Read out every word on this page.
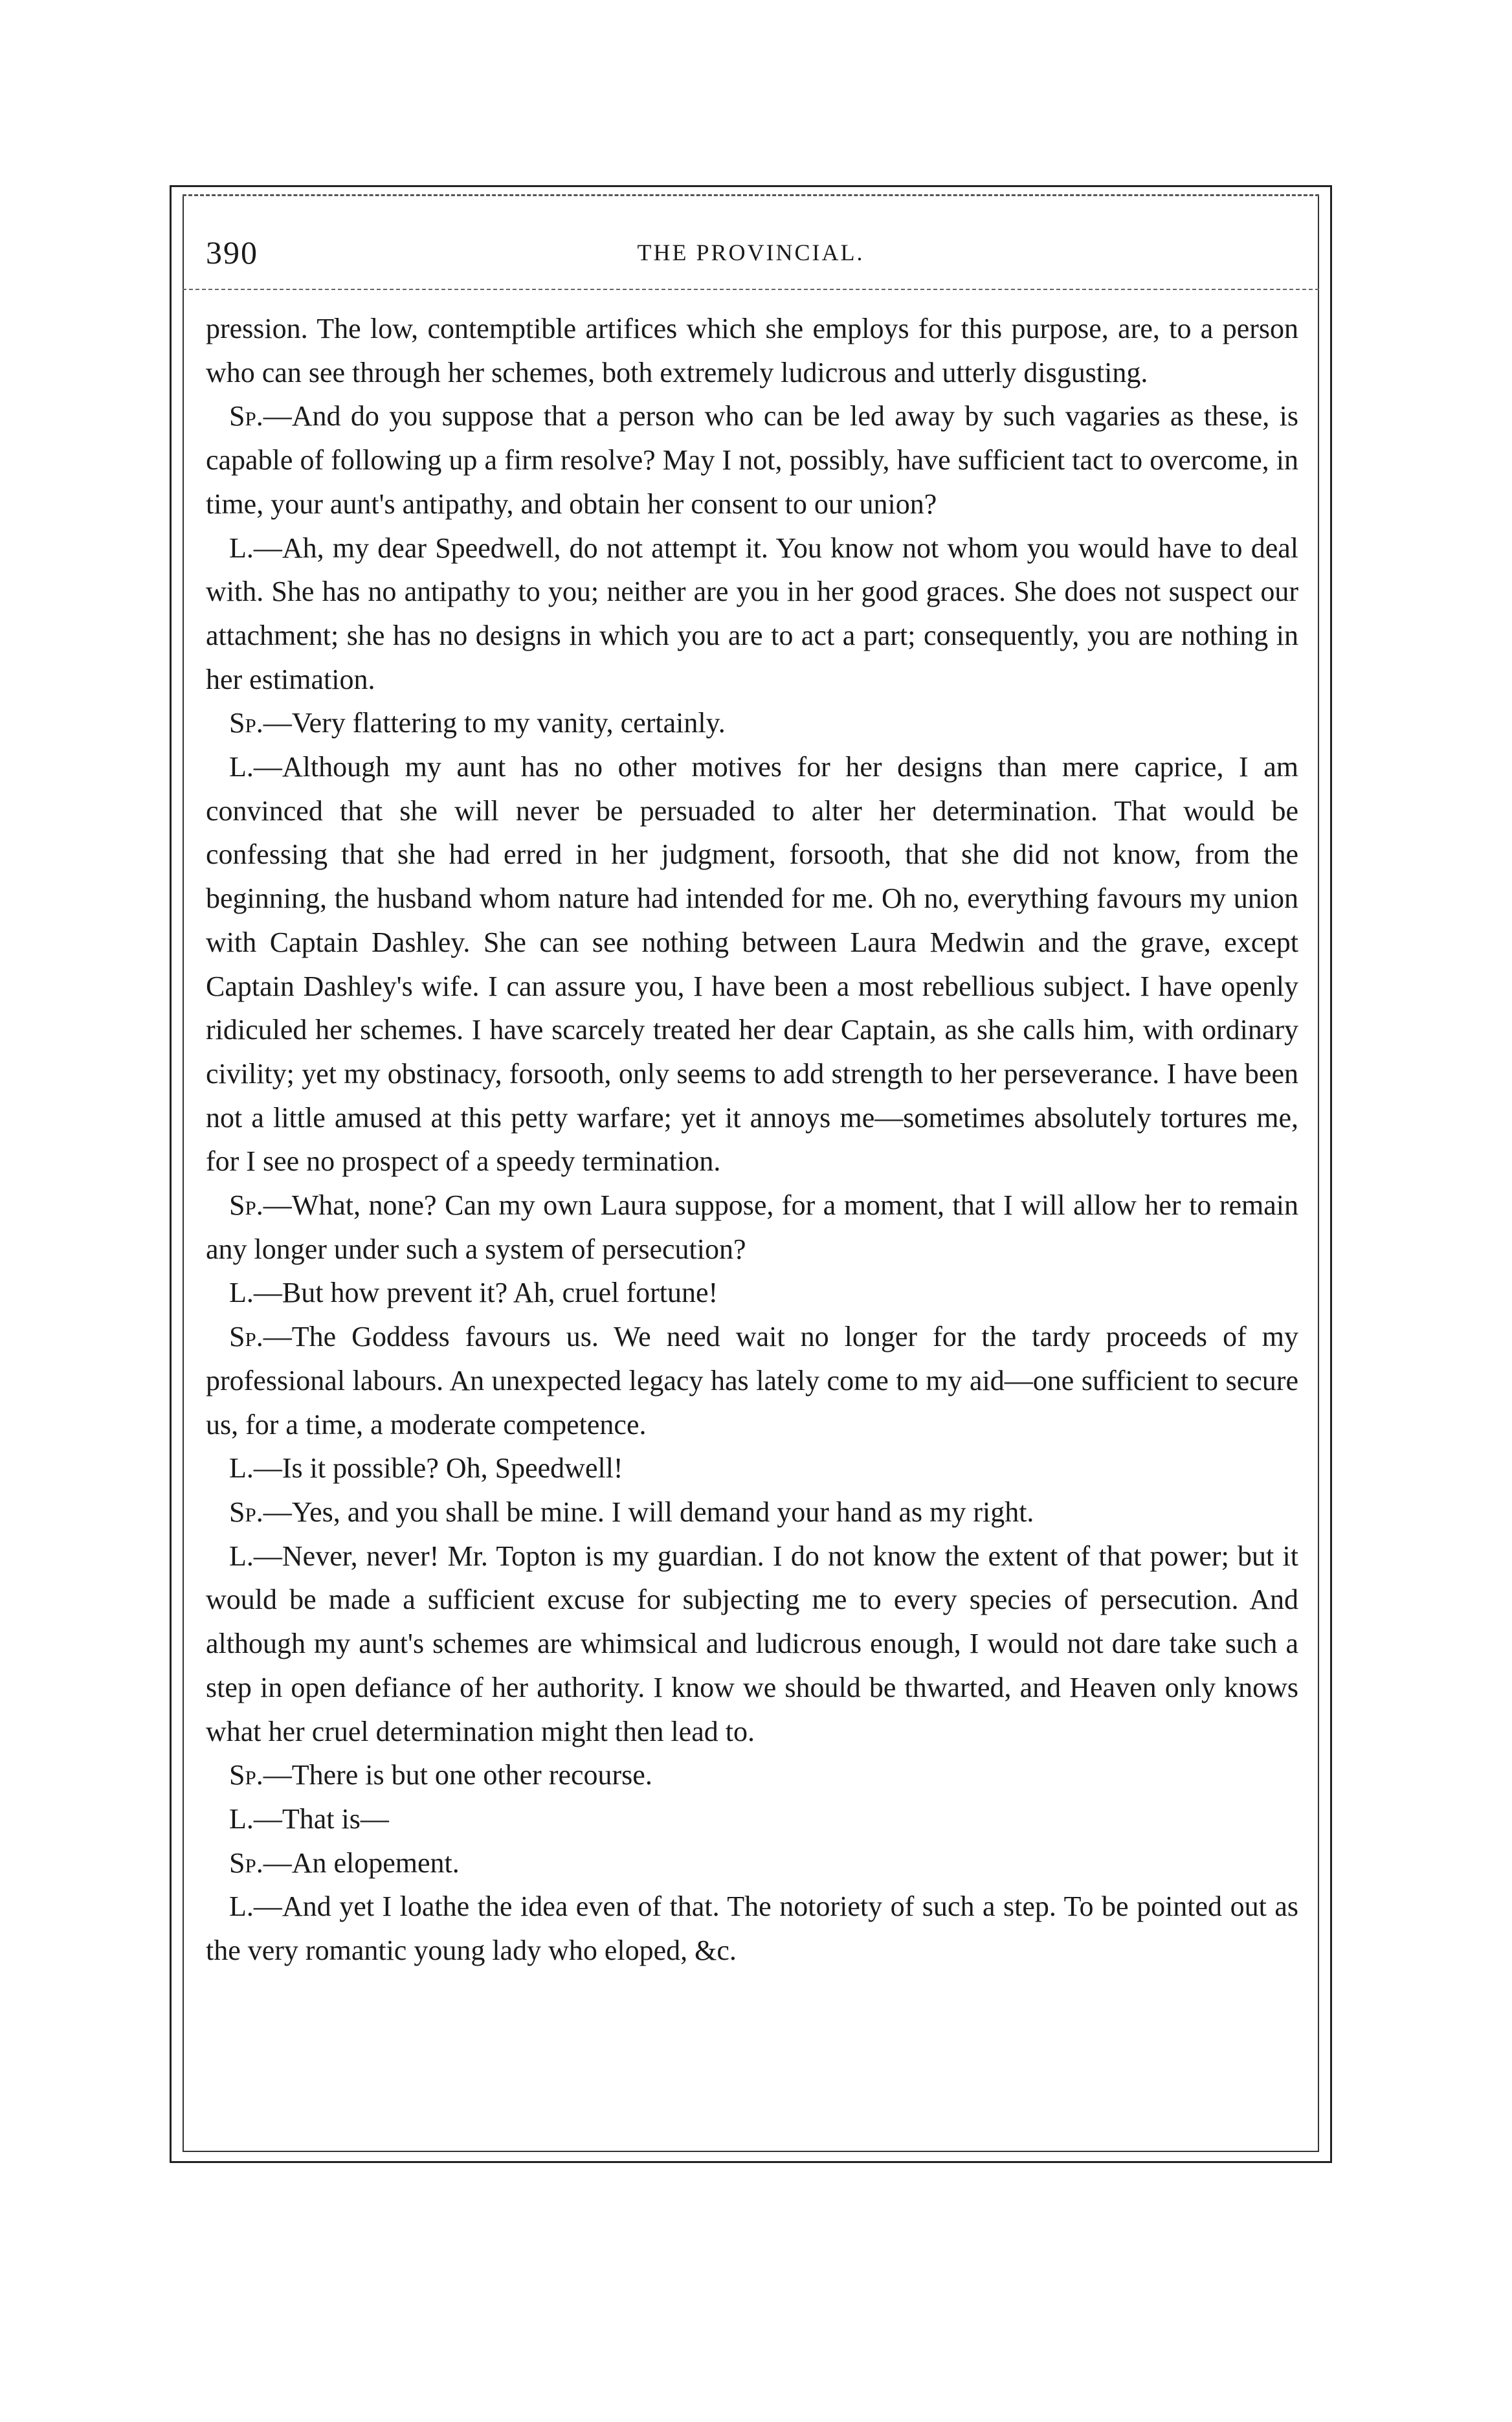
390	THE PROVINCIAL.

pression. The low, contemptible artifices which she employs for this purpose, are, to a person who can see through her schemes, both extremely ludicrous and utterly disgusting.

Sp.—And do you suppose that a person who can be led away by such vagaries as these, is capable of following up a firm resolve? May I not, possibly, have sufficient tact to overcome, in time, your aunt's antipathy, and obtain her consent to our union?

L.—Ah, my dear Speedwell, do not attempt it. You know not whom you would have to deal with. She has no antipathy to you; neither are you in her good graces. She does not suspect our attachment; she has no designs in which you are to act a part; consequently, you are nothing in her estimation.

Sp.—Very flattering to my vanity, certainly.

L.—Although my aunt has no other motives for her designs than mere caprice, I am convinced that she will never be persuaded to alter her determination. That would be confessing that she had erred in her judgment, forsooth, that she did not know, from the beginning, the husband whom nature had intended for me. Oh no, everything favours my union with Captain Dashley. She can see nothing between Laura Medwin and the grave, except Captain Dashley's wife. I can assure you, I have been a most rebellious subject. I have openly ridiculed her schemes. I have scarcely treated her dear Captain, as she calls him, with ordinary civility; yet my obstinacy, forsooth, only seems to add strength to her perseverance. I have been not a little amused at this petty warfare; yet it annoys me—sometimes absolutely tortures me, for I see no prospect of a speedy termination.

Sp.—What, none? Can my own Laura suppose, for a moment, that I will allow her to remain any longer under such a system of persecution?

L.—But how prevent it? Ah, cruel fortune!

Sp.—The Goddess favours us. We need wait no longer for the tardy proceeds of my professional labours. An unexpected legacy has lately come to my aid—one sufficient to secure us, for a time, a moderate competence.

L.—Is it possible? Oh, Speedwell!

Sp.—Yes, and you shall be mine. I will demand your hand as my right.

L.—Never, never! Mr. Topton is my guardian. I do not know the extent of that power; but it would be made a sufficient excuse for subjecting me to every species of persecution. And although my aunt's schemes are whimsical and ludicrous enough, I would not dare take such a step in open defiance of her authority. I know we should be thwarted, and Heaven only knows what her cruel determination might then lead to.

Sp.—There is but one other recourse.

L.—That is—

Sp.—An elopement.

L.—And yet I loathe the idea even of that. The notoriety of such a step. To be pointed out as the very romantic young lady who eloped, &c.
